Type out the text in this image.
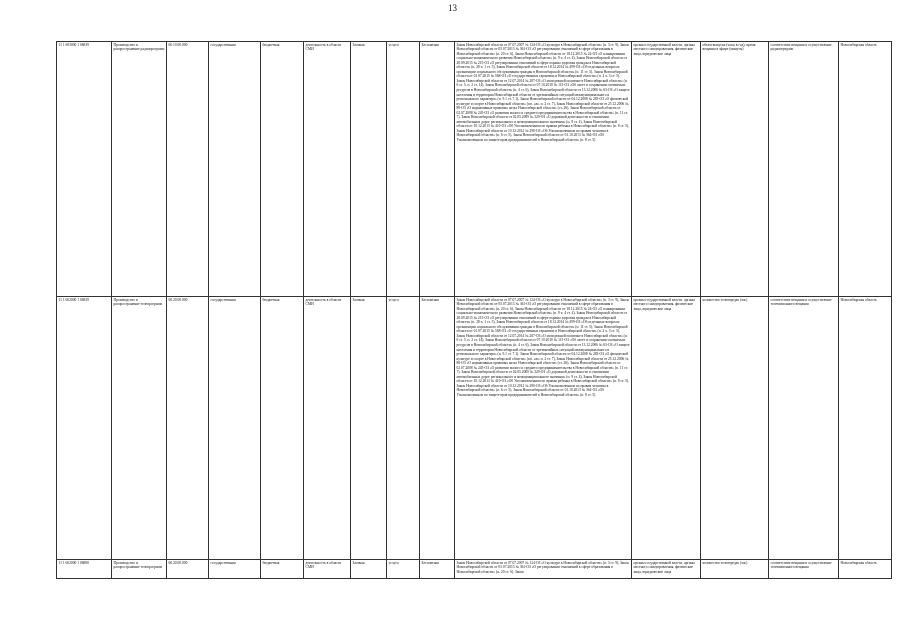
13
11 1 603000 1 06839	Производство и распространение радиопрограмм	60.10.00.000	государственная	бюджетная	деятельность в области СМИ	Заочная	услуга	Бесплатная	Закон Новосибирской области от 07.07.2007 № 124-ОЗ «О культуре в Новосибирской области» (п. 3 ст. 9), Закон Новосибирской области от 05.07.2013 № 361-ОЗ «О регулировании отношений в сфере образования в Новосибирской области» (п. 20 ст. 6), Закон Новосибирской области от 18.12.2015 № 24-ОЗ «О планировании социально-экономического развития Новосибирской области» (п. 9 ч. 4 ст. 4), Закон Новосибирской области от 28.09.2015 № 215-ОЗ «О регулировании отношений в сфере охраны здоровья граждан в Новосибирской области» (п. 28 ч. 1 ст. 5), Закон Новосибирской области от 18.12.2014 № 499-ОЗ «Об отдельных вопросах организации социального обслуживания граждан в Новосибирской области» (п. 11 ст. 5), Закон Новосибирской области от 01.07.2015 № 568-ОЗ «О государственных гарантиях в Новосибирской области» (п. 2 ч. 3 ст. 5), Закон Новосибирской области от 12.07.2014 № 207-ОЗ «О молодежной политике в Новосибирской области» (п. 6 ст. 5, п. 2 ст. 14), Закон Новосибирской области от 07.10.2010 № 115-ОЗ «Об охоте и сохранении охотничьих ресурсов в Новосибирской области» (п. 4 ст. 6), Закон Новосибирской области от 13.12.2006 № 63-ОЗ «О защите населения и территории Новосибирской области от чрезвычайных ситуаций межмуниципального и регионального характера» (п. 9.1 ст. 7.1), Закон Новосибирской области от 04.12.2008 № 283-ОЗ «О физической культуре и спорте в Новосибирской области» (пп. «ж» п. 2 ст. 7), Закон Новосибирской области от 25.12.2006 № 80-ОЗ «О нормативных правовых актах Новосибирской области» (ст. 26), Закон Новосибирской области от 02.07.2008 № 245-ОЗ «О развитии малого и среднего предпринимательства в Новосибирской области» (п. 11 ст. 7), Закон Новосибирской области от 02.05.2009 № 329-ОЗ «О дорожной деятельности в отношении автомобильных дорог регионального и межмуниципального значения» (п. 9 ст. 4), Закон Новосибирской области от 10.12.2013 № 410-ОЗ «Об Уполномоченном по правам ребенка в Новосибирской области» (п. 8 ст. 5), Закон Новосибирской области от 10.12.2012 № 290-ОЗ «Об Уполномоченном по правам человека в Новосибирской области» (п. 6 ст. 5), Закон Новосибирской области от 01.10.2013 № 364-ОЗ «Об Уполномоченном по защите прав предпринимателей в Новосибирской области» (п. 8 ст. 5)	органы государственной власти, органы местного самоуправления, физические лица, юридические лица	объем выпуска (часы в год); время вещания в эфире (минуты)	соответствие вещания и осуществление радиопередачи	Новосибирская область
11 1 602000 1 06839	Производство и распространение телепрограмм	60.20.00.000	государственная	бюджетная	деятельность в области СМИ	Заочная	услуга	Бесплатная	Закон Новосибирской области от 07.07.2007 № 124-ОЗ «О культуре в Новосибирской области» (п. 3 ст. 9), Закон Новосибирской области от 05.07.2013 № 361-ОЗ «О регулировании отношений в сфере образования в Новосибирской области» (п. 20 ст. 6), Закон Новосибирской области от 18.12.2015 № 24-ОЗ «О планировании социально-экономического развития Новосибирской области» (п. 9 ч. 4 ст. 4), Закон Новосибирской области от 28.09.2015 № 215-ОЗ «О регулировании отношений в сфере охраны здоровья граждан в Новосибирской области» (п. 28 ч. 1 ст. 5), Закон Новосибирской области от 18.12.2014 № 499-ОЗ «Об отдельных вопросах организации социального обслуживания граждан в Новосибирской области» (п. 11 ст. 5), Закон Новосибирской области от 01.07.2015 № 568-ОЗ «О государственных гарантиях в Новосибирской области» (п. 2 ч. 3 ст. 5), Закон Новосибирской области от 12.07.2014 № 207-ОЗ «О молодежной политике в Новосибирской области» (п. 6 ст. 5, п. 2 ст. 14), Закон Новосибирской области от 07.10.2010 № 115-ОЗ «Об охоте и сохранении охотничьих ресурсов в Новосибирской области» (п. 4 ст. 6), Закон Новосибирской области от 13.12.2006 № 63-ОЗ «О защите населения и территории Новосибирской области от чрезвычайных ситуаций межмуниципального и регионального характера» (п. 9.1 ст. 7.1), Закон Новосибирской области от 04.12.2008 № 283-ОЗ «О физической культуре и спорте в Новосибирской области» (пп. «ж» п. 2 ст. 7), Закон Новосибирской области от 25.12.2006 № 80-ОЗ «О нормативных правовых актах Новосибирской области» (ст. 26), Закон Новосибирской области от 02.07.2008 № 245-ОЗ «О развитии малого и среднего предпринимательства в Новосибирской области» (п. 11 ст. 7), Закон Новосибирской области от 02.05.2009 № 329-ОЗ «О дорожной деятельности в отношении автомобильных дорог регионального и межмуниципального значения» (п. 9 ст. 4), Закон Новосибирской области от 10.12.2013 № 410-ОЗ «Об Уполномоченном по правам ребенка в Новосибирской области» (п. 8 ст. 5), Закон Новосибирской области от 10.12.2012 № 290-ОЗ «Об Уполномоченном по правам человека в Новосибирской области» (п. 6 ст. 5), Закон Новосибирской области от 01.10.2013 № 364-ОЗ «Об Уполномоченном по защите прав предпринимателей в Новосибирской области» (п. 8 ст. 5)	органы государственной власти, органы местного самоуправления, физические лица, юридические лица	количество телепередач (час)	соответствие вещания и осуществление телевизионного вещания	Новосибирская область
11 1 602000 1 06890	Производство и распространение телепрограмм	60.20.00.000	государственная	бюджетная	деятельность в области СМИ	Заочная	услуга	Бесплатная	Закон Новосибирской области от 07.07.2007 № 124-ОЗ «О культуре в Новосибирской области» (п. 3 ст. 9), Закон Новосибирской области от 05.07.2013 № 361-ОЗ «О регулировании отношений в сфере образования в Новосибирской области» (п. 20 ст. 6), Закон	органы государственной власти, органы местного самоуправления, физические лица, юридические лица	количество телепередач (час)	соответствие вещания и осуществление телевизионного вещания	Новосибирская область
